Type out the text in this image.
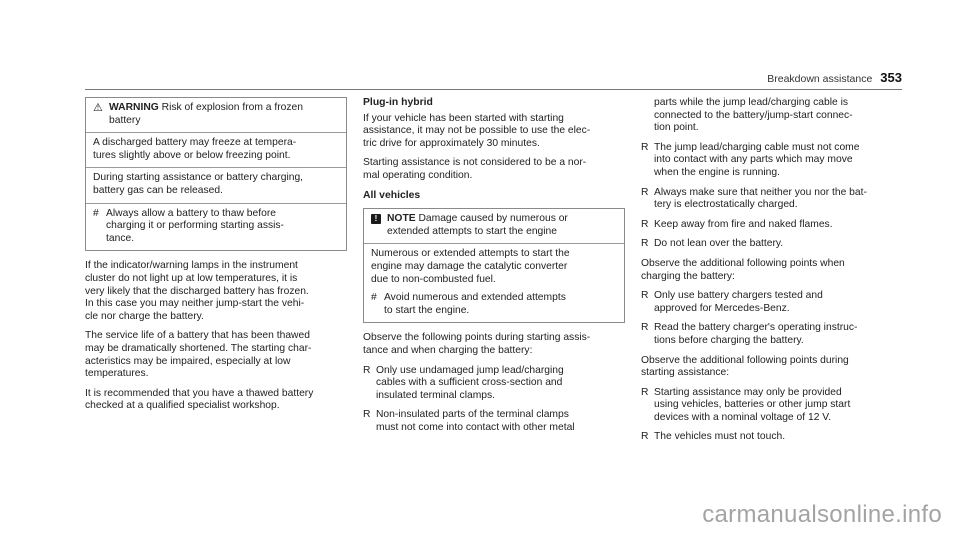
Breakdown assistance 353
⚠ WARNING Risk of explosion from a frozen
battery

A discharged battery may freeze at tempera-
tures slightly above or below freezing point.

During starting assistance or battery charging,
battery gas can be released.

# Always allow a battery to thaw before
charging it or performing starting assis-
tance.

If the indicator/warning lamps in the instrument
cluster do not light up at low temperatures, it is
very likely that the discharged battery has frozen.
In this case you may neither jump-start the vehi-
cle nor charge the battery.

The service life of a battery that has been thawed
may be dramatically shortened. The starting char-
acteristics may be impaired, especially at low
temperatures.

It is recommended that you have a thawed battery
checked at a qualified specialist workshop.

Plug-in hybrid

If your vehicle has been started with starting
assistance, it may not be possible to use the elec-
tric drive for approximately 30 minutes.

Starting assistance is not considered to be a nor-
mal operating condition.

All vehicles
! NOTE Damage caused by numerous or
extended attempts to start the engine

Numerous or extended attempts to start the
engine may damage the catalytic converter
due to non-combusted fuel.

# Avoid numerous and extended attempts
to start the engine.

Observe the following points during starting assis-
tance and when charging the battery:

R Only use undamaged jump lead/charging
cables with a sufficient cross-section and
insulated terminal clamps.
R Non-insulated parts of the terminal clamps
must not come into contact with other metal

parts while the jump lead/charging cable is
connected to the battery/jump-start connec-
tion point.

R The jump lead/charging cable must not come
into contact with any parts which may move
when the engine is running.
R Always make sure that neither you nor the bat-
tery is electrostatically charged.
R Keep away from fire and naked flames.
R Do not lean over the battery.

Observe the additional following points when
charging the battery:

R Only use battery chargers tested and
approved for Mercedes-Benz.
R Read the battery charger's operating instruc-
tions before charging the battery.

Observe the additional following points during
starting assistance:

R Starting assistance may only be provided
using vehicles, batteries or other jump start
devices with a nominal voltage of 12 V.
R The vehicles must not touch.
carmanualsonline.info
